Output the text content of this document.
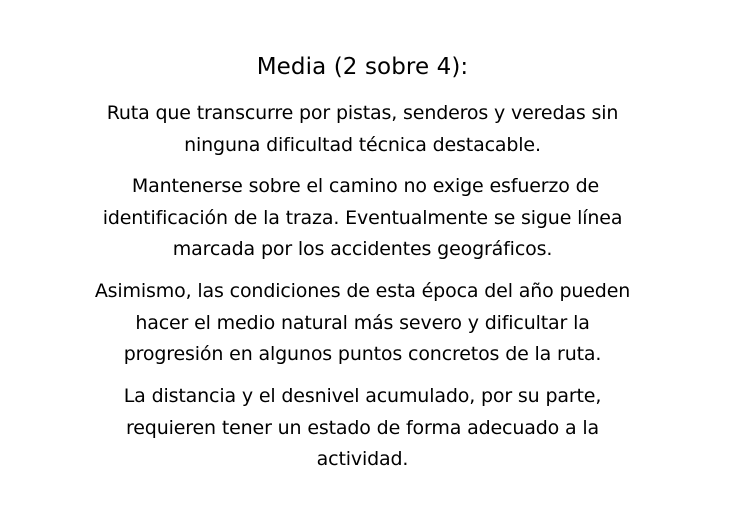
Media (2 sobre 4):

Ruta que transcurre por pistas, senderos y veredas sin
ninguna dificultad técnica destacable.

Mantenerse sobre el camino no exige esfuerzo de
identificación de la traza. Eventualmente se sigue línea
marcada por los accidentes geográficos.

Asimismo, las condiciones de esta época del año pueden
hacer el medio natural más severo y dificultar la
progresión en algunos puntos concretos de la ruta.

La distancia y el desnivel acumulado, por su parte,
requieren tener un estado de forma adecuado a la
actividad.
